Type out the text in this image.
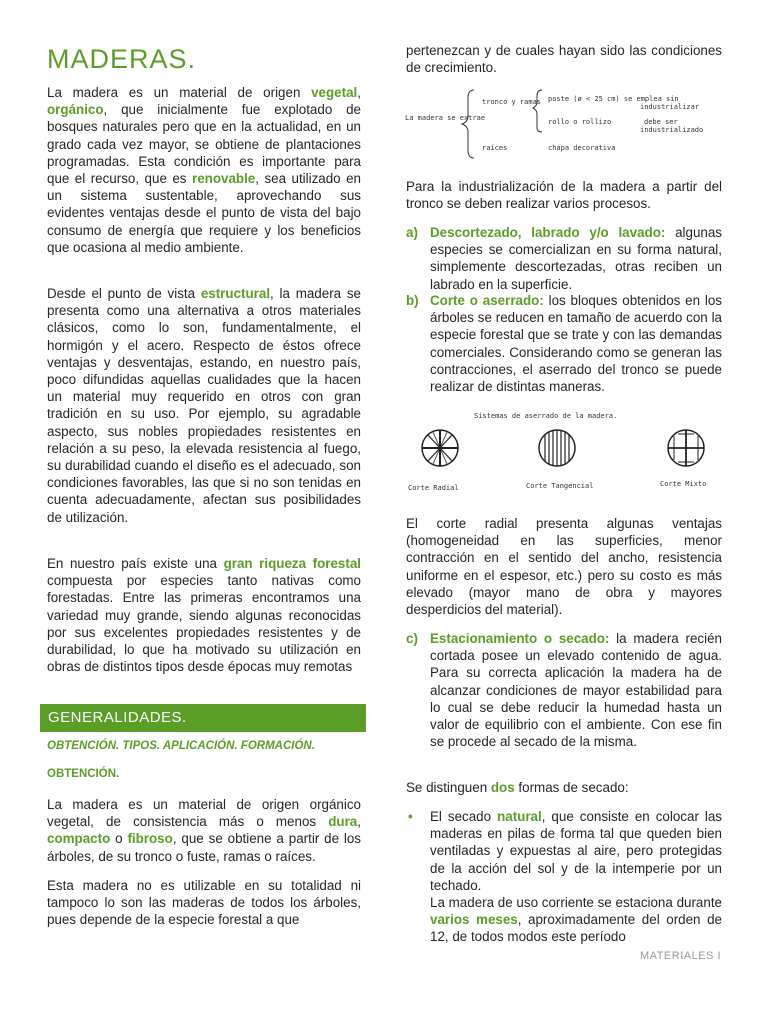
MADERAS.

La madera es un material de origen vegetal, orgánico, que inicialmente fue explotado de bosques naturales pero que en la actualidad, en un grado cada vez mayor, se obtiene de plantaciones programadas. Esta condición es importante para que el recurso, que es renovable, sea utilizado en un sistema sustentable, aprovechando sus evidentes ventajas desde el punto de vista del bajo consumo de energía que requiere y los beneficios que ocasiona al medio ambiente.

Desde el punto de vista estructural, la madera se presenta como una alternativa a otros materiales clásicos, como lo son, fundamentalmente, el hormigón y el acero. Respecto de éstos ofrece ventajas y desventajas, estando, en nuestro país, poco difundidas aquellas cualidades que la hacen un material muy requerido en otros con gran tradición en su uso. Por ejemplo, su agradable aspecto, sus nobles propiedades resistentes en relación a su peso, la elevada resistencia al fuego, su durabilidad cuando el diseño es el adecuado, son condiciones favorables, las que si no son tenidas en cuenta adecuadamente, afectan sus posibilidades de utilización.

En nuestro país existe una gran riqueza forestal compuesta por especies tanto nativas como forestadas. Entre las primeras encontramos una variedad muy grande, siendo algunas reconocidas por sus excelentes propiedades resistentes y de durabilidad, lo que ha motivado su utilización en obras de distintos tipos desde épocas muy remotas

GENERALIDADES.
OBTENCIÓN. TIPOS. APLICACIÓN. FORMACIÓN.
OBTENCIÓN.

La madera es un material de origen orgánico vegetal, de consistencia más o menos dura, compacto o fibroso, que se obtiene a partir de los árboles, de su tronco o fuste, ramas o raíces.

Esta madera no es utilizable en su totalidad ni tampoco lo son las maderas de todos los árboles, pues depende de la especie forestal a que

pertenezcan y de cuales hayan sido las condiciones de crecimiento.

La madera se extrae
tronco y ramas
raíces
poste (ø < 25 cm) se emplea sin
industrializar
rollo o rollizo	debe ser
industrializado
chapa decorativa

Para la industrialización de la madera a partir del tronco se deben realizar varios procesos.

a) Descortezado, labrado y/o lavado: algunas especies se comercializan en su forma natural, simplemente descortezadas, otras reciben un labrado en la superficie.

b) Corte o aserrado: los bloques obtenidos en los árboles se reducen en tamaño de acuerdo con la especie forestal que se trate y con las demandas comerciales. Considerando como se generan las contracciones, el aserrado del tronco se puede realizar de distintas maneras.

Sistemas de aserrado de la madera.
Corte Radial	Corte Tangencial	Corte Mixto

El corte radial presenta algunas ventajas (homogeneidad en las superficies, menor contracción en el sentido del ancho, resistencia uniforme en el espesor, etc.) pero su costo es más elevado (mayor mano de obra y mayores desperdicios del material).

c) Estacionamiento o secado: la madera recién cortada posee un elevado contenido de agua. Para su correcta aplicación la madera ha de alcanzar condiciones de mayor estabilidad para lo cual se debe reducir la humedad hasta un valor de equilibrio con el ambiente. Con ese fin se procede al secado de la misma.

Se distinguen dos formas de secado:

• El secado natural, que consiste en colocar las maderas en pilas de forma tal que queden bien ventiladas y expuestas al aire, pero protegidas de la acción del sol y de la intemperie por un techado.

La madera de uso corriente se estaciona durante varios meses, aproximadamente del orden de 12, de todos modos este período

MATERIALES I
